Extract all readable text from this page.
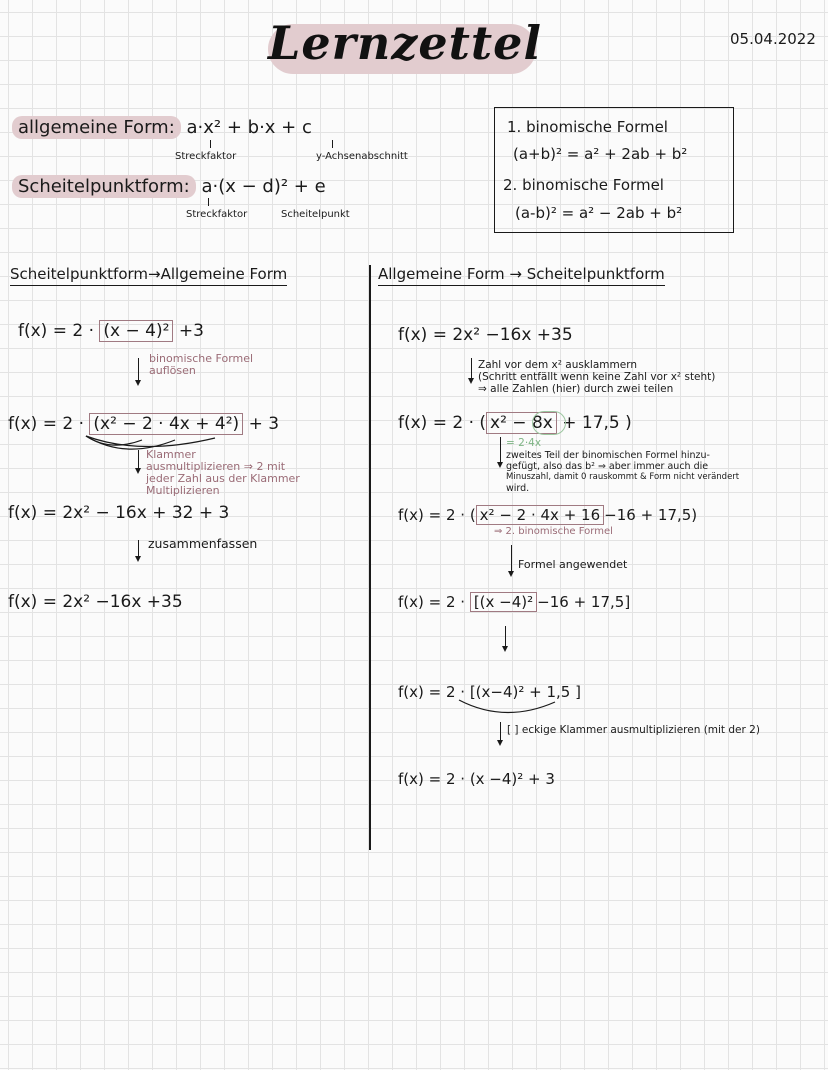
Lernzettel	05.04.2022
allgemeine Form: a·x² + b·x + c
Streckfaktor	y-Achsenabschnitt
Scheitelpunktform: a·(x − d)² + e
Streckfaktor	Scheitelpunkt
1. binomische Formel
(a+b)² = a² + 2ab + b²
2. binomische Formel
(a-b)² = a² − 2ab + b²
Scheitelpunktform→Allgemeine Form
f(x) = 2 · (x − 4)² +3
binomische Formel
auflösen
f(x) = 2 · (x² − 2 · 4x + 4²) + 3
Klammer
ausmultiplizieren ⇒ 2 mit
jeder Zahl aus der Klammer
Multiplizieren
f(x) = 2x² − 16x + 32 + 3
zusammenfassen
f(x) = 2x² −16x +35
Allgemeine Form → Scheitelpunktform
f(x) = 2x² −16x +35
Zahl vor dem x² ausklammern
(Schritt entfällt wenn keine Zahl vor x² steht)
⇒ alle Zahlen (hier) durch zwei teilen
f(x) = 2 · ( x² − 8x + 17,5 )
= 2·4x
zweites Teil der binomischen Formel hinzu-
gefügt, also das b² ⇒ aber immer auch die
Minuszahl, damit 0 rauskommt & Form nicht verändert
wird.
f(x) = 2 · ( x² − 2 · 4x + 16 −16 + 17,5)
⇒ 2. binomische Formel
Formel angewendet
f(x) = 2 · [(x −4)² −16 + 17,5]
f(x) = 2 · [(x−4)² + 1,5 ]
[ ] eckige Klammer ausmultiplizieren (mit der 2)
f(x) = 2 · (x −4)² + 3
